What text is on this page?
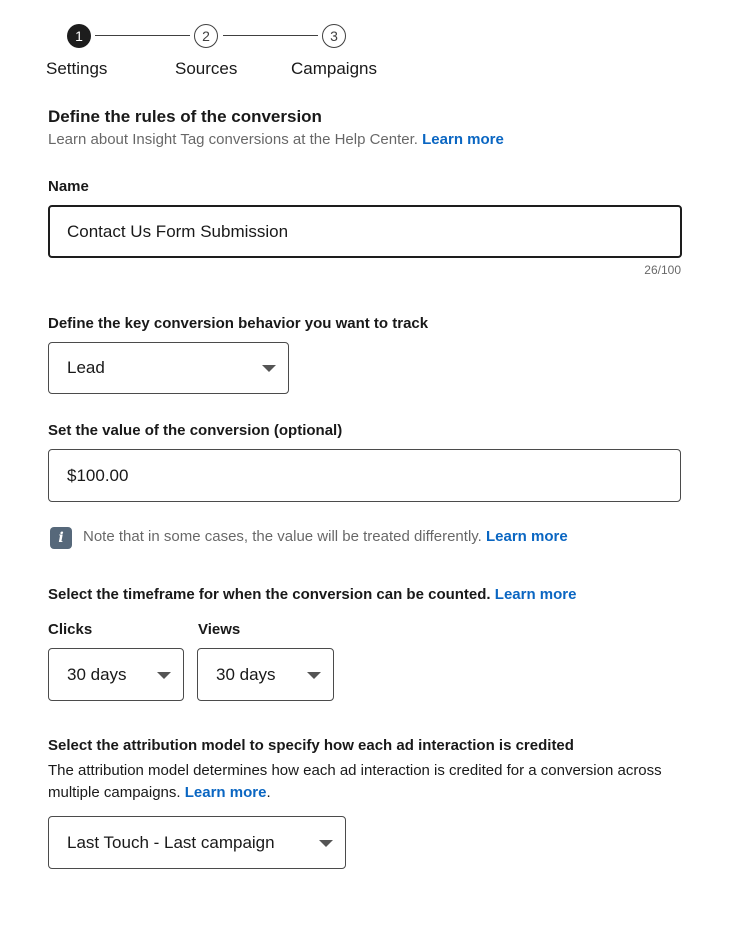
1	2	3
Settings	Sources	Campaigns
Define the rules of the conversion
Learn about Insight Tag conversions at the Help Center. Learn more
Name
Contact Us Form Submission
26/100
Define the key conversion behavior you want to track
Lead
Set the value of the conversion (optional)
$100.00
i	Note that in some cases, the value will be treated differently. Learn more
Select the timeframe for when the conversion can be counted. Learn more
Clicks
30 days
Views
30 days
Select the attribution model to specify how each ad interaction is credited
The attribution model determines how each ad interaction is credited for a conversion across multiple campaigns. Learn more.
Last Touch - Last campaign
